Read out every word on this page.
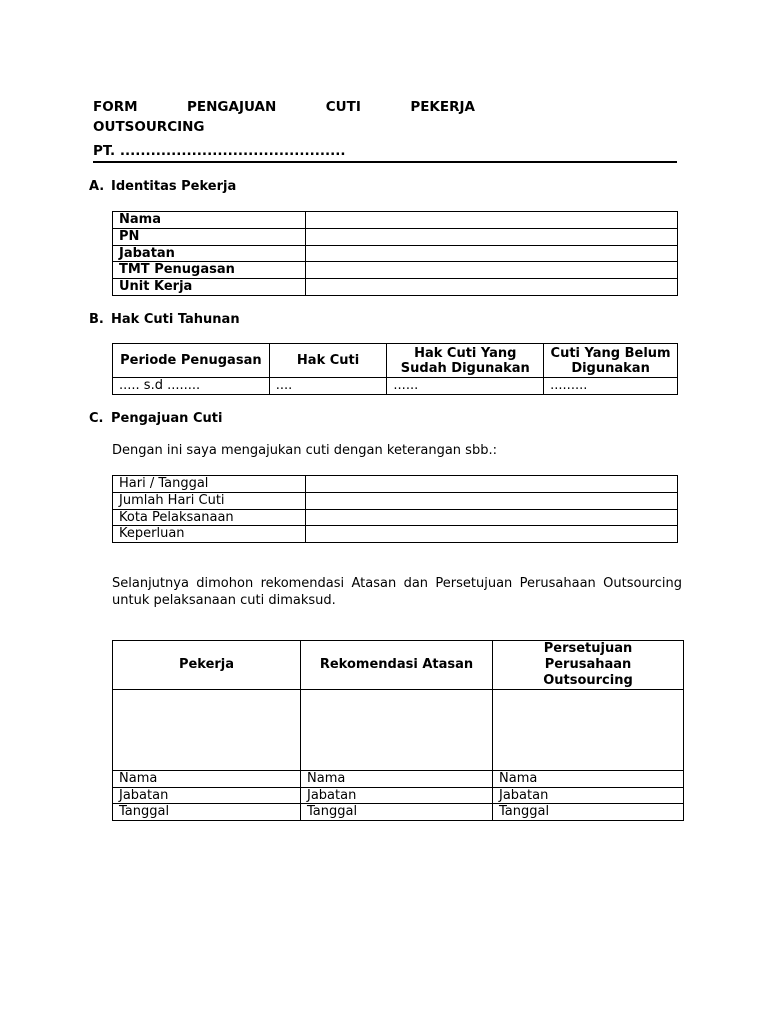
FORM	PENGAJUAN	CUTI	PEKERJA
OUTSOURCING
PT. ............................................
A. Identitas Pekerja
Nama	
PN	
Jabatan	
TMT Penugasan	
Unit Kerja	
B. Hak Cuti Tahunan
Periode Penugasan	Hak Cuti	Hak Cuti Yang Sudah Digunakan	Cuti Yang Belum Digunakan
..... s.d ........	....	......	.........
C. Pengajuan Cuti
Dengan ini saya mengajukan cuti dengan keterangan sbb.:
Hari / Tanggal	
Jumlah Hari Cuti	
Kota Pelaksanaan	
Keperluan	
Selanjutnya dimohon rekomendasi Atasan dan Persetujuan Perusahaan Outsourcing untuk pelaksanaan cuti dimaksud.
Pekerja	Rekomendasi Atasan	Persetujuan Perusahaan Outsourcing

Nama	Nama	Nama
Jabatan	Jabatan	Jabatan
Tanggal	Tanggal	Tanggal
